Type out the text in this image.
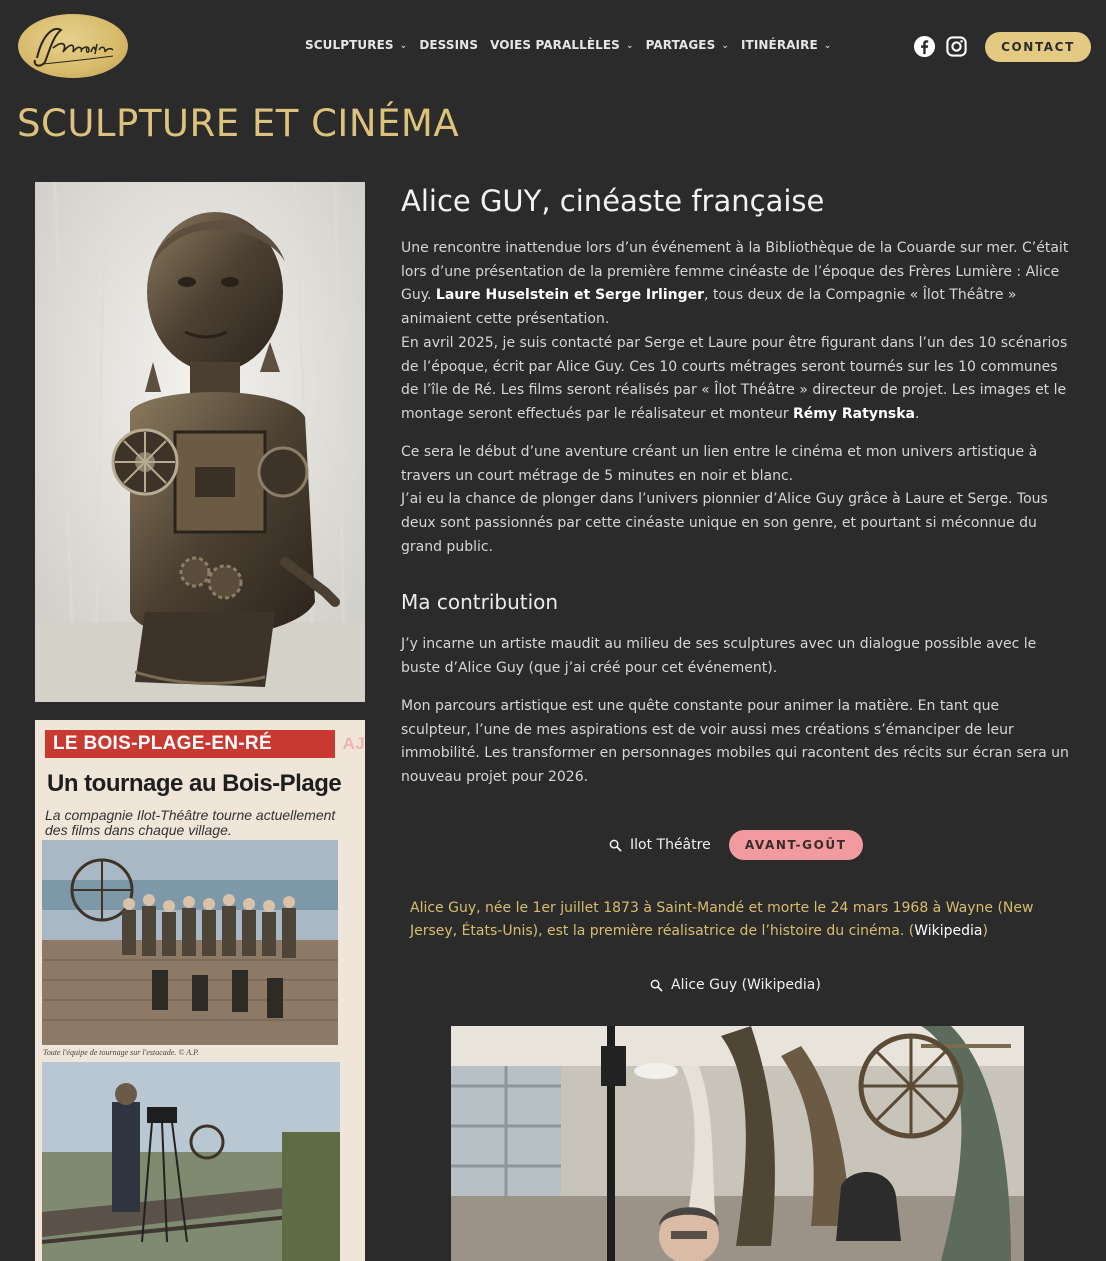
SCULPTURES ⌄ DESSINS VOIES PARALLÈLES ⌄ PARTAGES ⌄ ITINÉRAIRE ⌄	CONTACT
SCULPTURE ET CINÉMA
LE BOIS-PLAGE-EN-RÉ	AJ
Un tournage au Bois-Plage
La compagnie Ilot-Théâtre tourne actuellement des films dans chaque village.
Toute l'équipe de tournage sur l'estacade. © A.P.
Alice GUY, cinéaste française

Une rencontre inattendue lors d’un événement à la Bibliothèque de la Couarde sur mer. C’était lors d’une présentation de la première femme cinéaste de l’époque des Frères Lumière : Alice Guy. Laure Huselstein et Serge Irlinger, tous deux de la Compagnie « Îlot Théâtre » animaient cette présentation.
En avril 2025, je suis contacté par Serge et Laure pour être figurant dans l’un des 10 scénarios de l’époque, écrit par Alice Guy. Ces 10 courts métrages seront tournés sur les 10 communes de l’île de Ré. Les films seront réalisés par « Îlot Théâtre » directeur de projet. Les images et le montage seront effectués par le réalisateur et monteur Rémy Ratynska.

Ce sera le début d’une aventure créant un lien entre le cinéma et mon univers artistique à travers un court métrage de 5 minutes en noir et blanc.
J’ai eu la chance de plonger dans l’univers pionnier d’Alice Guy grâce à Laure et Serge. Tous deux sont passionnés par cette cinéaste unique en son genre, et pourtant si méconnue du grand public.

Ma contribution

J’y incarne un artiste maudit au milieu de ses sculptures avec un dialogue possible avec le buste d’Alice Guy (que j’ai créé pour cet événement).

Mon parcours artistique est une quête constante pour animer la matière. En tant que sculpteur, l’une de mes aspirations est de voir aussi mes créations s’émanciper de leur immobilité. Les transformer en personnages mobiles qui racontent des récits sur écran sera un nouveau projet pour 2026.

Ilot Théâtre	AVANT-GOÛT

Alice Guy, née le 1er juillet 1873 à Saint-Mandé et morte le 24 mars 1968 à Wayne (New Jersey, États-Unis), est la première réalisatrice de l’histoire du cinéma. (Wikipedia)

Alice Guy (Wikipedia)
